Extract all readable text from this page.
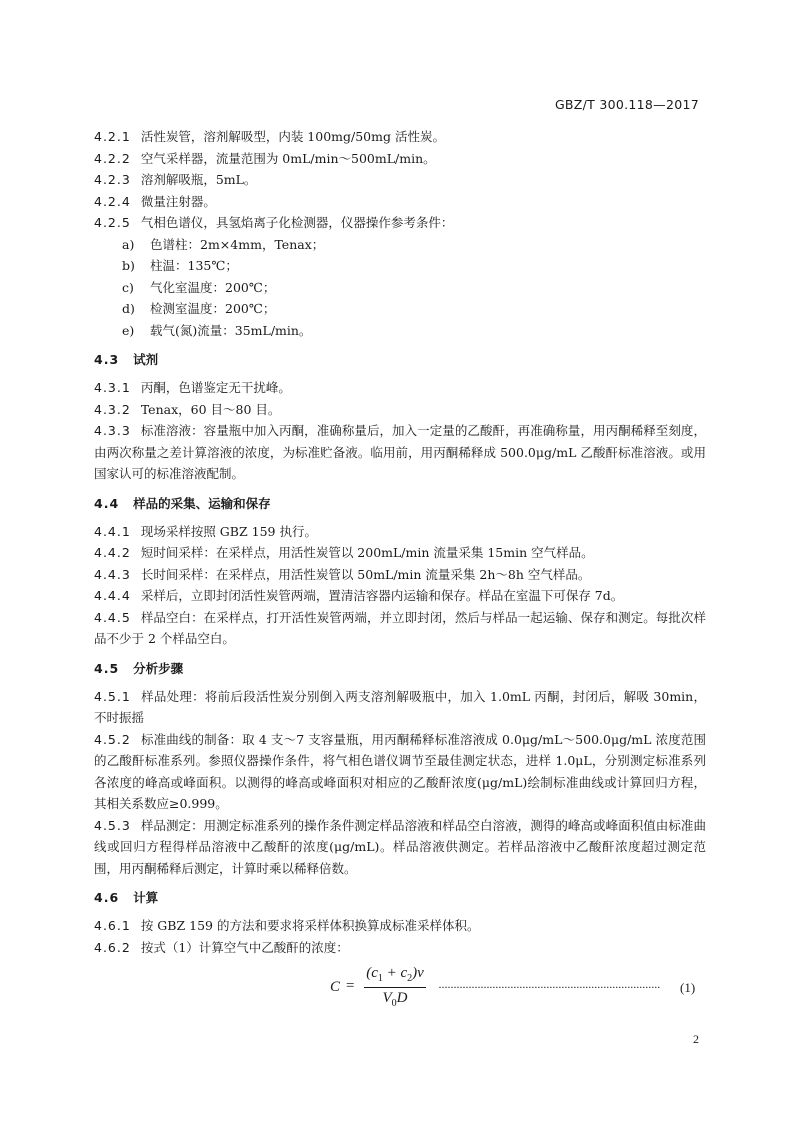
GBZ/T 300.118—2017
4.2.1 活性炭管，溶剂解吸型，内装 100mg/50mg 活性炭。
4.2.2 空气采样器，流量范围为 0mL/min～500mL/min。
4.2.3 溶剂解吸瓶，5mL。
4.2.4 微量注射器。
4.2.5 气相色谱仪，具氢焰离子化检测器，仪器操作参考条件：
a) 色谱柱：2m×4mm，Tenax；
b) 柱温：135℃；
c) 气化室温度：200℃；
d) 检测室温度：200℃；
e) 载气(氮)流量：35mL/min。
4.3 试剂
4.3.1 丙酮，色谱鉴定无干扰峰。
4.3.2 Tenax，60 目～80 目。
4.3.3 标准溶液：容量瓶中加入丙酮，准确称量后，加入一定量的乙酸酐，再准确称量，用丙酮稀释至刻度，由两次称量之差计算溶液的浓度，为标准贮备液。临用前，用丙酮稀释成 500.0μg/mL 乙酸酐标准溶液。或用国家认可的标准溶液配制。
4.4 样品的采集、运输和保存
4.4.1 现场采样按照 GBZ 159 执行。
4.4.2 短时间采样：在采样点，用活性炭管以 200mL/min 流量采集 15min 空气样品。
4.4.3 长时间采样：在采样点，用活性炭管以 50mL/min 流量采集 2h～8h 空气样品。
4.4.4 采样后，立即封闭活性炭管两端，置清洁容器内运输和保存。样品在室温下可保存 7d。
4.4.5 样品空白：在采样点，打开活性炭管两端，并立即封闭，然后与样品一起运输、保存和测定。每批次样品不少于 2 个样品空白。
4.5 分析步骤
4.5.1 样品处理：将前后段活性炭分别倒入两支溶剂解吸瓶中，加入 1.0mL 丙酮，封闭后，解吸 30min，不时振摇
4.5.2 标准曲线的制备：取 4 支～7 支容量瓶，用丙酮稀释标准溶液成 0.0μg/mL～500.0μg/mL 浓度范围的乙酸酐标准系列。参照仪器操作条件，将气相色谱仪调节至最佳测定状态，进样 1.0μL，分别测定标准系列各浓度的峰高或峰面积。以测得的峰高或峰面积对相应的乙酸酐浓度(μg/mL)绘制标准曲线或计算回归方程，其相关系数应≥0.999。
4.5.3 样品测定：用测定标准系列的操作条件测定样品溶液和样品空白溶液，测得的峰高或峰面积值由标准曲线或回归方程得样品溶液中乙酸酐的浓度(μg/mL)。样品溶液供测定。若样品溶液中乙酸酐浓度超过测定范围，用丙酮稀释后测定，计算时乘以稀释倍数。
4.6 计算
4.6.1 按 GBZ 159 的方法和要求将采样体积换算成标准采样体积。
4.6.2 按式（1）计算空气中乙酸酐的浓度：
C =
$(c_1 + c_2)v$
$V_0D$
··········································································	(1)
2
